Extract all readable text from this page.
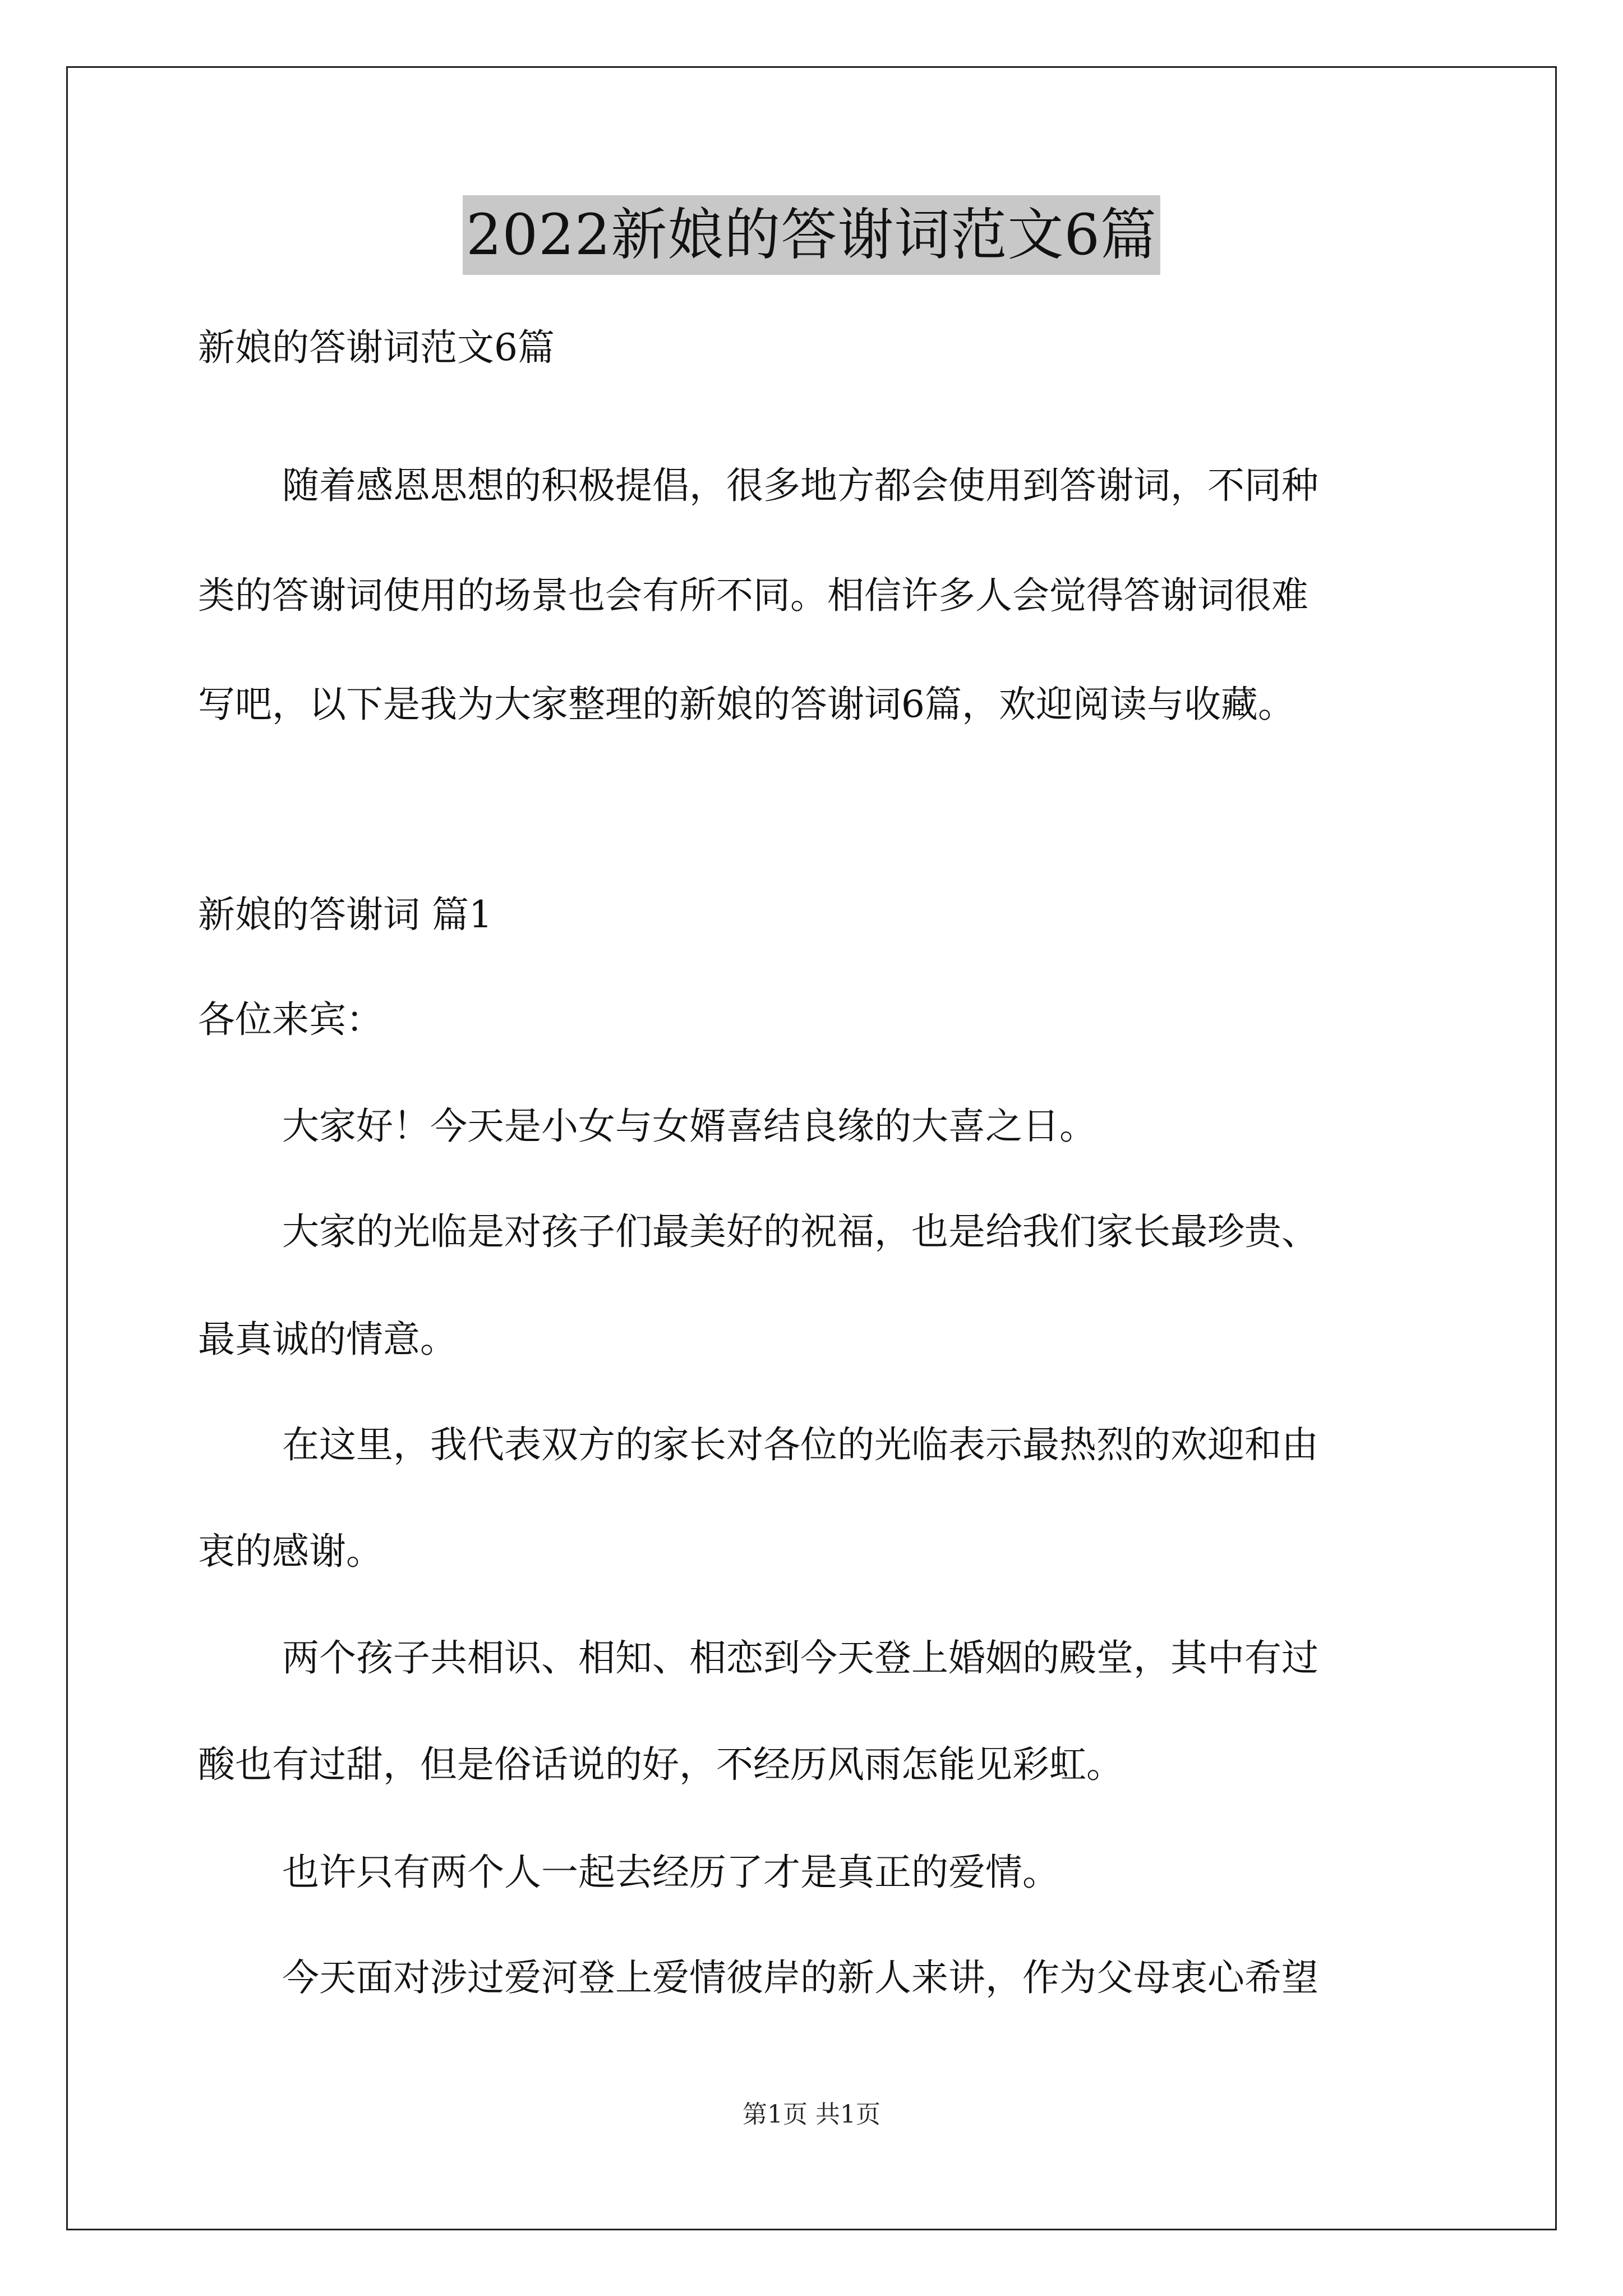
2022新娘的答谢词范文6篇

新娘的答谢词范文6篇

随着感恩思想的积极提倡，很多地方都会使用到答谢词，不同种

类的答谢词使用的场景也会有所不同。相信许多人会觉得答谢词很难

写吧，以下是我为大家整理的新娘的答谢词6篇，欢迎阅读与收藏。

新娘的答谢词 篇1

各位来宾：

大家好！今天是小女与女婿喜结良缘的大喜之日。

大家的光临是对孩子们最美好的祝福，也是给我们家长最珍贵、

最真诚的情意。

在这里，我代表双方的家长对各位的光临表示最热烈的欢迎和由

衷的感谢。

两个孩子共相识、相知、相恋到今天登上婚姻的殿堂，其中有过

酸也有过甜，但是俗话说的好，不经历风雨怎能见彩虹。

也许只有两个人一起去经历了才是真正的爱情。

今天面对涉过爱河登上爱情彼岸的新人来讲，作为父母衷心希望

第1页 共1页
